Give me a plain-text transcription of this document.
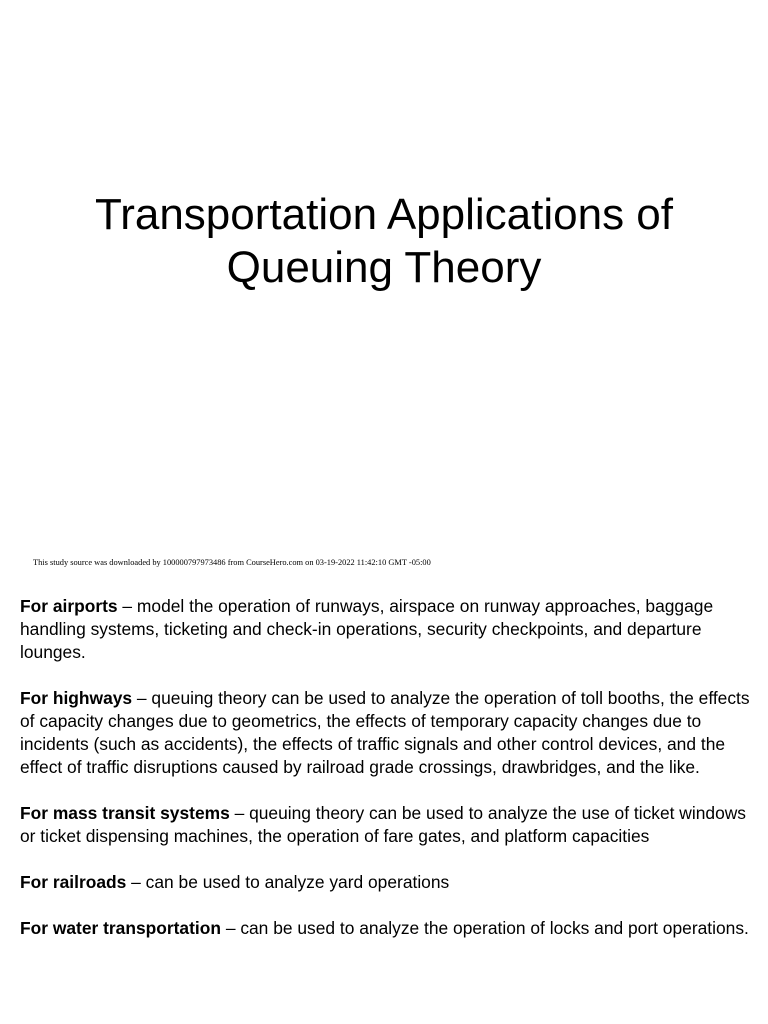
Transportation Applications of
Queuing Theory
This study source was downloaded by 100000797973486 from CourseHero.com on 03-19-2022 11:42:10 GMT -05:00

For airports – model the operation of runways, airspace on runway approaches, baggage handling systems, ticketing and check-in operations, security checkpoints, and departure lounges.

For highways – queuing theory can be used to analyze the operation of toll booths, the effects of capacity changes due to geometrics, the effects of temporary capacity changes due to incidents (such as accidents), the effects of traffic signals and other control devices, and the effect of traffic disruptions caused by railroad grade crossings, drawbridges, and the like.

For mass transit systems – queuing theory can be used to analyze the use of ticket windows or ticket dispensing machines, the operation of fare gates, and platform capacities

For railroads – can be used to analyze yard operations

For water transportation – can be used to analyze the operation of locks and port operations.
